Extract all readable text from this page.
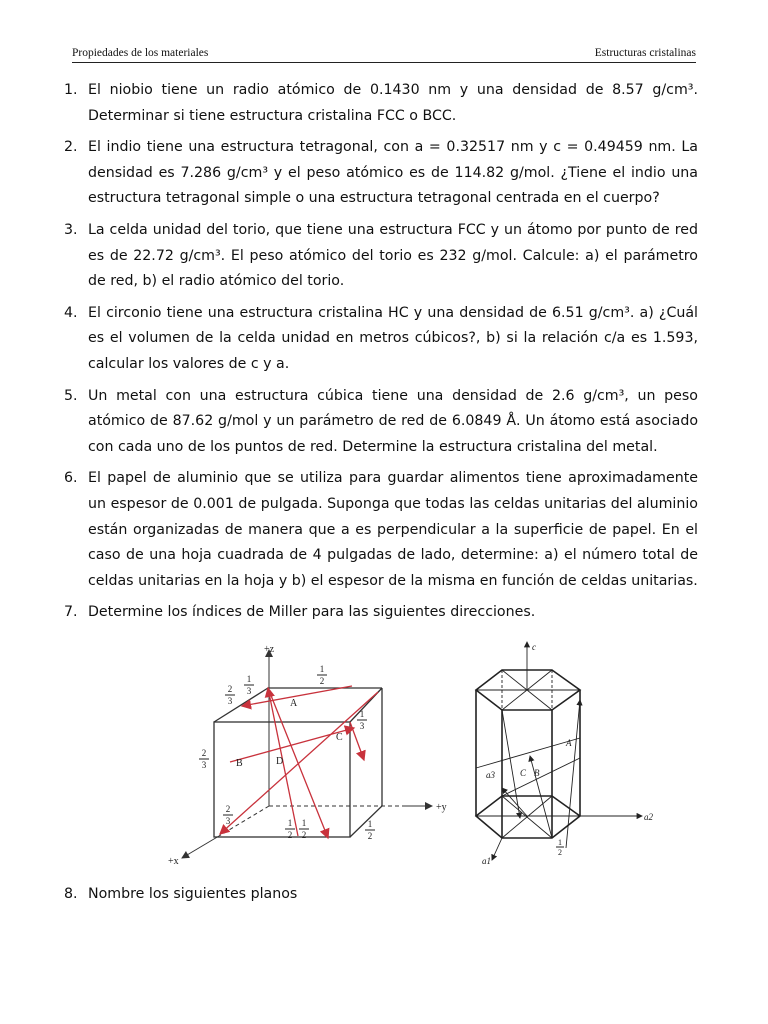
Propiedades de los materiales	Estructuras cristalinas
1. El niobio tiene un radio atómico de 0.1430 nm y una densidad de 8.57 g/cm³. Determinar si tiene estructura cristalina FCC o BCC.
2. El indio tiene una estructura tetragonal, con a = 0.32517 nm y c = 0.49459 nm. La densidad es 7.286 g/cm³ y el peso atómico es de 114.82 g/mol. ¿Tiene el indio una estructura tetragonal simple o una estructura tetragonal centrada en el cuerpo?
3. La celda unidad del torio, que tiene una estructura FCC y un átomo por punto de red es de 22.72 g/cm³. El peso atómico del torio es 232 g/mol. Calcule: a) el parámetro de red, b) el radio atómico del torio.
4. El circonio tiene una estructura cristalina HC y una densidad de 6.51 g/cm³. a) ¿Cuál es el volumen de la celda unidad en metros cúbicos?, b) si la relación c/a es 1.593, calcular los valores de c y a.
5. Un metal con una estructura cúbica tiene una densidad de 2.6 g/cm³, un peso atómico de 87.62 g/mol y un parámetro de red de 6.0849 Å. Un átomo está asociado con cada uno de los puntos de red. Determine la estructura cristalina del metal.
6. El papel de aluminio que se utiliza para guardar alimentos tiene aproximadamente un espesor de 0.001 de pulgada. Suponga que todas las celdas unitarias del aluminio están organizadas de manera que a es perpendicular a la superficie de papel. En el caso de una hoja cuadrada de 4 pulgadas de lado, determine: a) el número total de celdas unitarias en la hoja y b) el espesor de la misma en función de celdas unitarias.
7. Determine los índices de Miller para las siguientes direcciones.
+z
+y
+x
A
B
C
D
1
2
1
3
2
3
1
3
2
3
2
3	1
2
1
2
1
2
c
a2
a1
a3
A
B
C
1
2
8. Nombre los siguientes planos
